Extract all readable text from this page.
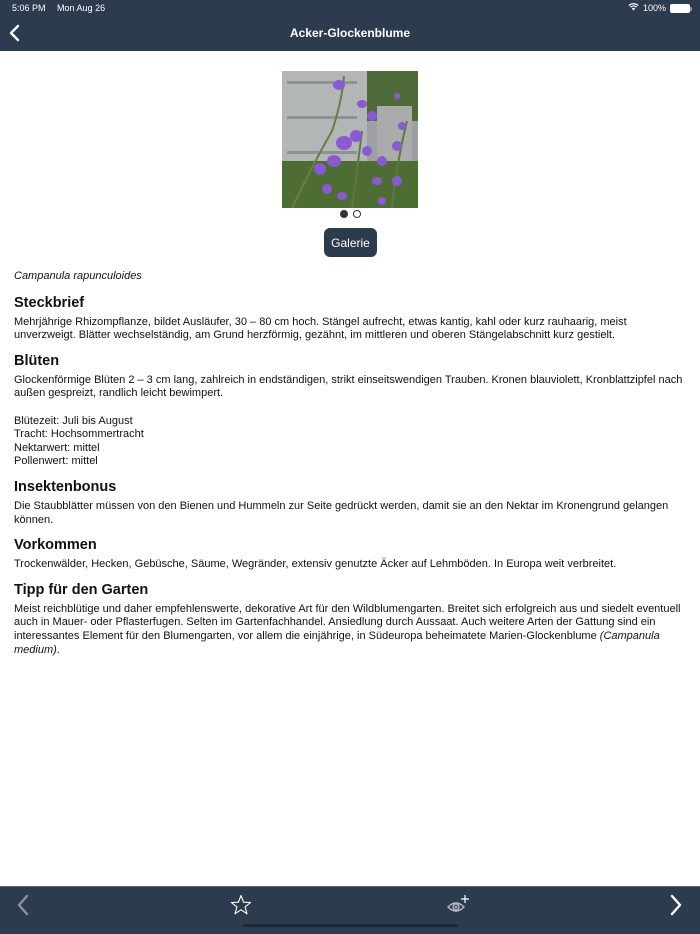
5:06 PM Mon Aug 26	100%
Acker-Glockenblume
Galerie
Campanula rapunculoides
Steckbrief

Mehrjährige Rhizompflanze, bildet Ausläufer, 30 – 80 cm hoch. Stängel aufrecht, etwas kantig, kahl oder kurz rauhaarig, meist unverzweigt. Blätter wechselständig, am Grund herzförmig, gezähnt, im mittleren und oberen Stängelabschnitt kurz gestielt.

Blüten

Glockenförmige Blüten 2 – 3 cm lang, zahlreich in endständigen, strikt einseitswendigen Trauben. Kronen blauviolett, Kronblattzipfel nach außen gespreizt, randlich leicht bewimpert.

Blütezeit: Juli bis August
Tracht: Hochsommertracht
Nektarwert: mittel
Pollenwert: mittel
Insektenbonus

Die Staubblätter müssen von den Bienen und Hummeln zur Seite gedrückt werden, damit sie an den Nektar im Kronengrund gelangen können.

Vorkommen

Trockenwälder, Hecken, Gebüsche, Säume, Wegränder, extensiv genutzte Äcker auf Lehmböden. In Europa weit verbreitet.

Tipp für den Garten

Meist reichblütige und daher empfehlenswerte, dekorative Art für den Wildblumengarten. Breitet sich erfolgreich aus und siedelt eventuell auch in Mauer- oder Pflasterfugen. Selten im Gartenfachhandel. Ansiedlung durch Aussaat. Auch weitere Arten der Gattung sind ein interessantes Element für den Blumengarten, vor allem die einjährige, in Südeuropa beheimatete Marien-Glockenblume (Campanula medium).
